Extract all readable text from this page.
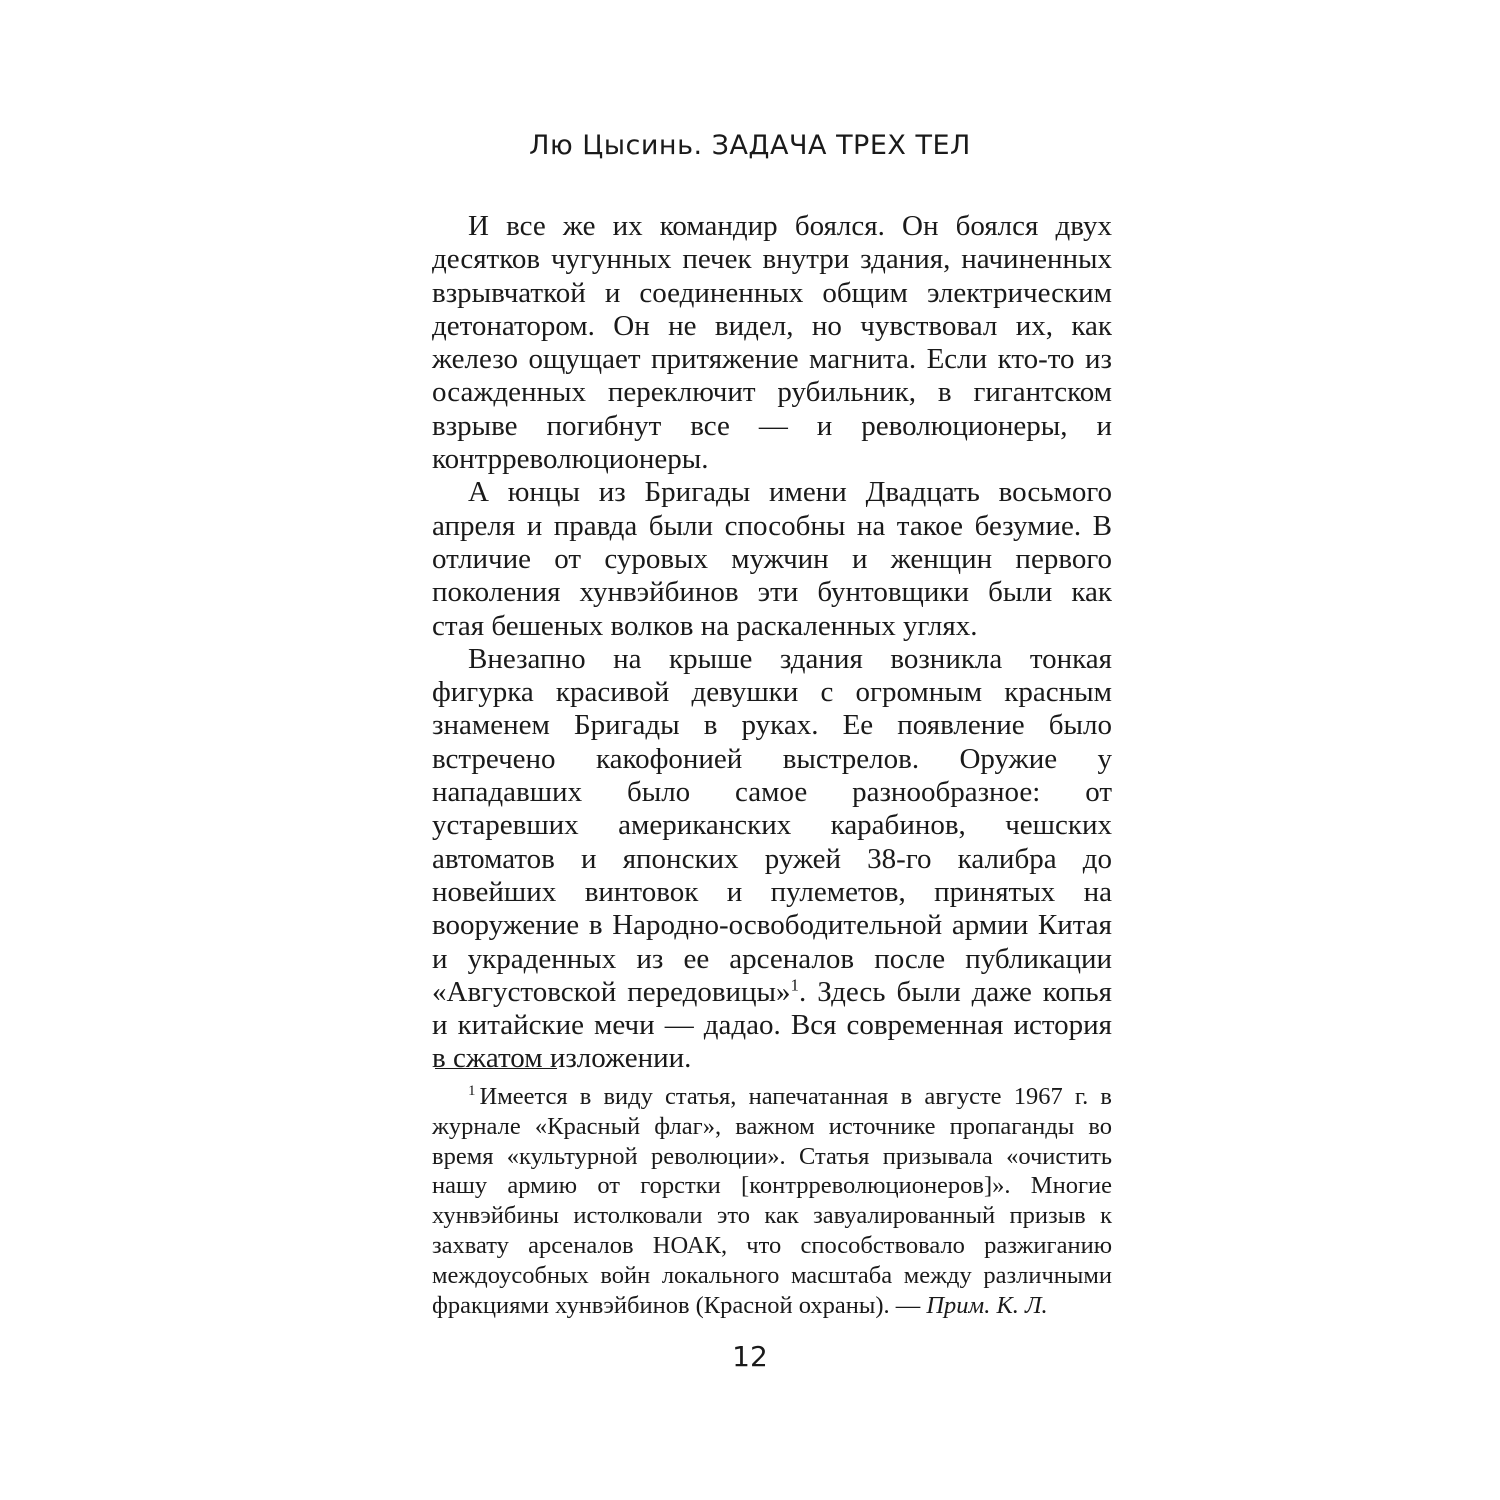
Лю Цысинь. ЗАДАЧА ТРЕХ ТЕЛ

И все же их командир боялся. Он боялся двух десятков чугунных печек внутри здания, начиненных взрывчаткой и соединенных общим электрическим детонатором. Он не видел, но чувствовал их, как железо ощущает притяжение магнита. Если кто-то из осажденных переключит рубильник, в гигантском взрыве погибнут все — и революционеры, и контрреволюционеры.

А юнцы из Бригады имени Двадцать восьмого апреля и правда были способны на такое безумие. В отличие от суровых мужчин и женщин первого поколения хунвэйбинов эти бунтовщики были как стая бешеных волков на раскаленных углях.

Внезапно на крыше здания возникла тонкая фигурка красивой девушки с огромным красным знаменем Бригады в руках. Ее появление было встречено какофонией выстрелов. Оружие у нападавших было самое разнообразное: от устаревших американских карабинов, чешских автоматов и японских ружей 38-го калибра до новейших винтовок и пулеметов, принятых на вооружение в Народно-освободительной армии Китая и украденных из ее арсеналов после публикации «Августовской передовицы»$^1$. Здесь были даже копья и китайские мечи — дадао. Вся современная история в сжатом изложении.

$^1$ Имеется в виду статья, напечатанная в августе 1967 г. в журнале «Красный флаг», важном источнике пропаганды во время «культурной революции». Статья призывала «очистить нашу армию от горстки [контрреволюционеров]». Многие хунвэйбины истолковали это как завуалированный призыв к захвату арсеналов НОАК, что способствовало разжиганию междоусобных войн локального масштаба между различными фракциями хунвэйбинов (Красной охраны). — Прим. К. Л.

12
